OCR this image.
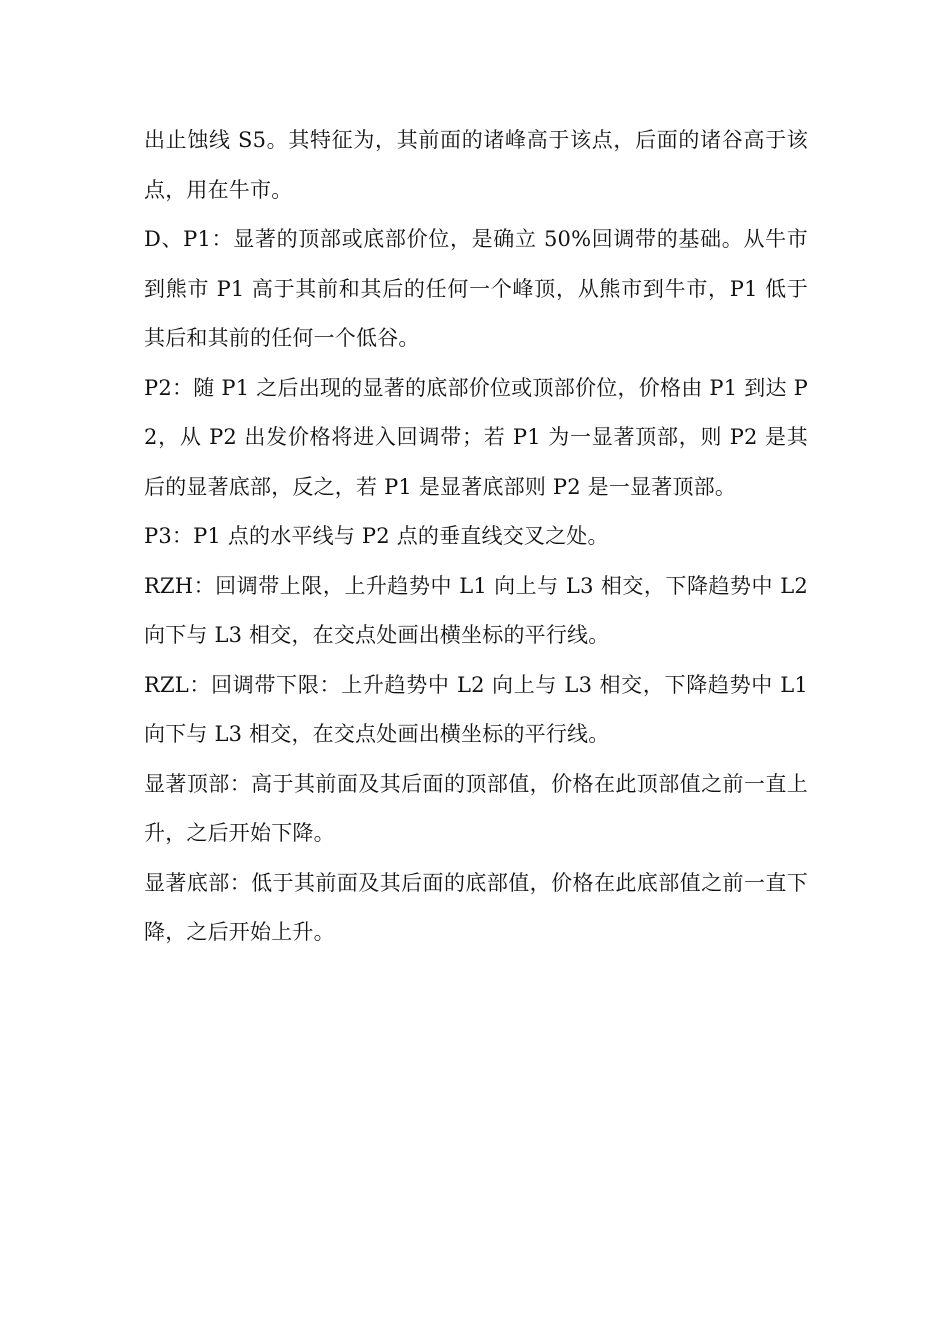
出止蚀线 S5。其特征为，其前面的诸峰高于该点，后面的诸谷高于该点，用在牛市。

D、P1：显著的顶部或底部价位，是确立 50%回调带的基础。从牛市到熊市 P1 高于其前和其后的任何一个峰顶，从熊市到牛市，P1 低于其后和其前的任何一个低谷。

P2：随 P1 之后出现的显著的底部价位或顶部价位，价格由 P1 到达 P2，从 P2 出发价格将进入回调带；若 P1 为一显著顶部，则 P2 是其后的显著底部，反之，若 P1 是显著底部则 P2 是一显著顶部。

P3：P1 点的水平线与 P2 点的垂直线交叉之处。

RZH：回调带上限，上升趋势中 L1 向上与 L3 相交，下降趋势中 L2 向下与 L3 相交，在交点处画出横坐标的平行线。

RZL：回调带下限：上升趋势中 L2 向上与 L3 相交，下降趋势中 L1 向下与 L3 相交，在交点处画出横坐标的平行线。

显著顶部：高于其前面及其后面的顶部值，价格在此顶部值之前一直上升，之后开始下降。

显著底部：低于其前面及其后面的底部值，价格在此底部值之前一直下降，之后开始上升。
